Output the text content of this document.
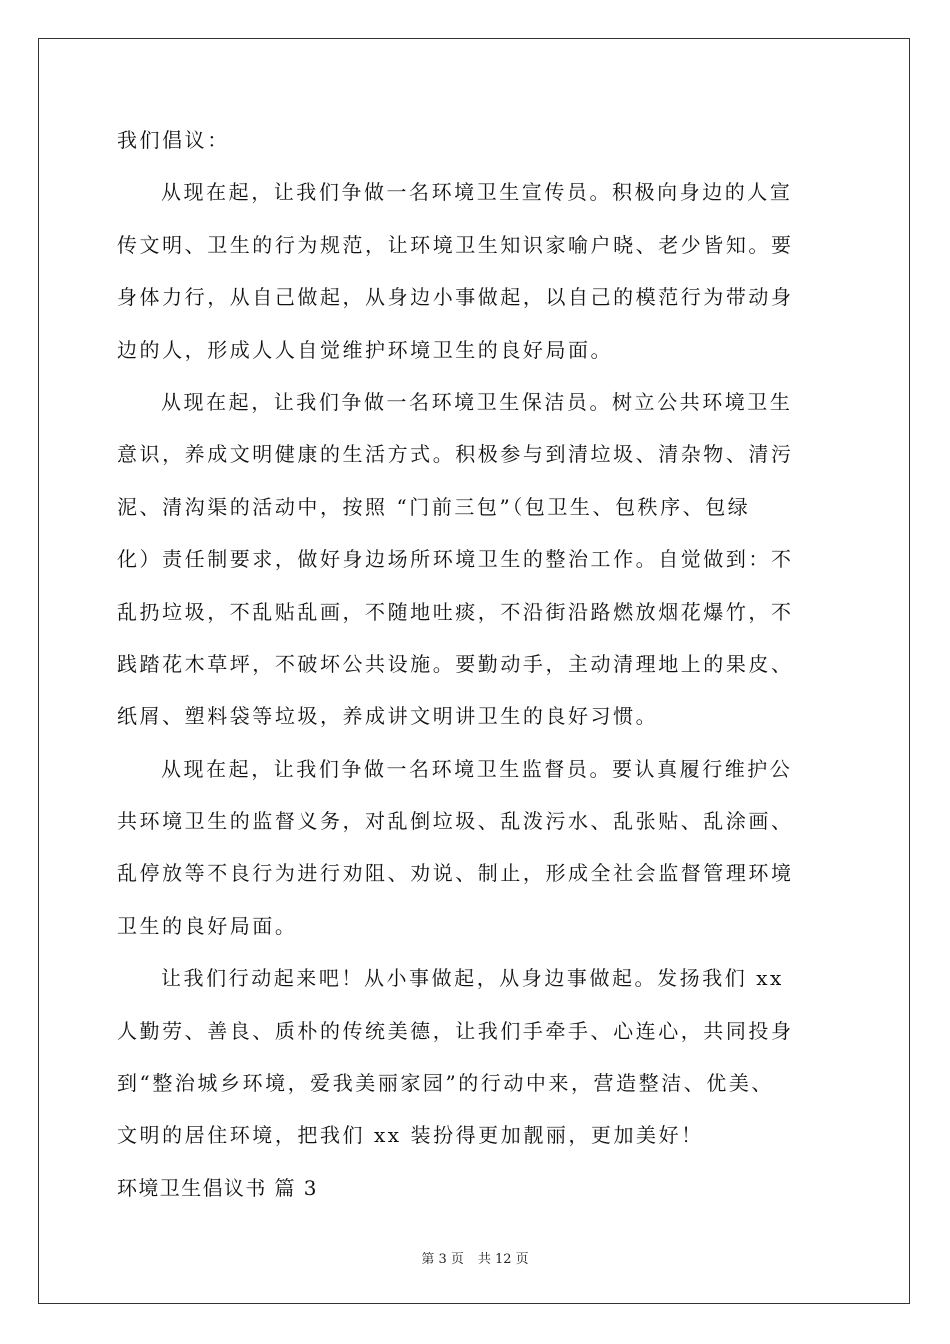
我们倡议：
从现在起，让我们争做一名环境卫生宣传员。积极向身边的人宣
传文明、卫生的行为规范，让环境卫生知识家喻户晓、老少皆知。要
身体力行，从自己做起，从身边小事做起，以自己的模范行为带动身
边的人，形成人人自觉维护环境卫生的良好局面。
从现在起，让我们争做一名环境卫生保洁员。树立公共环境卫生
意识，养成文明健康的生活方式。积极参与到清垃圾、清杂物、清污
泥、清沟渠的活动中，按照 “门前三包”（包卫生、包秩序、包绿
化）责任制要求，做好身边场所环境卫生的整治工作。自觉做到：不
乱扔垃圾，不乱贴乱画，不随地吐痰，不沿街沿路燃放烟花爆竹，不
践踏花木草坪，不破坏公共设施。要勤动手，主动清理地上的果皮、
纸屑、塑料袋等垃圾，养成讲文明讲卫生的良好习惯。
从现在起，让我们争做一名环境卫生监督员。要认真履行维护公
共环境卫生的监督义务，对乱倒垃圾、乱泼污水、乱张贴、乱涂画、
乱停放等不良行为进行劝阻、劝说、制止，形成全社会监督管理环境
卫生的良好局面。
让我们行动起来吧！从小事做起，从身边事做起。发扬我们 xx
人勤劳、善良、质朴的传统美德，让我们手牵手、心连心，共同投身
到“整治城乡环境，爱我美丽家园”的行动中来，营造整洁、优美、
文明的居住环境，把我们 xx 装扮得更加靓丽，更加美好！
环境卫生倡议书 篇 3
第 3 页 共 12 页
